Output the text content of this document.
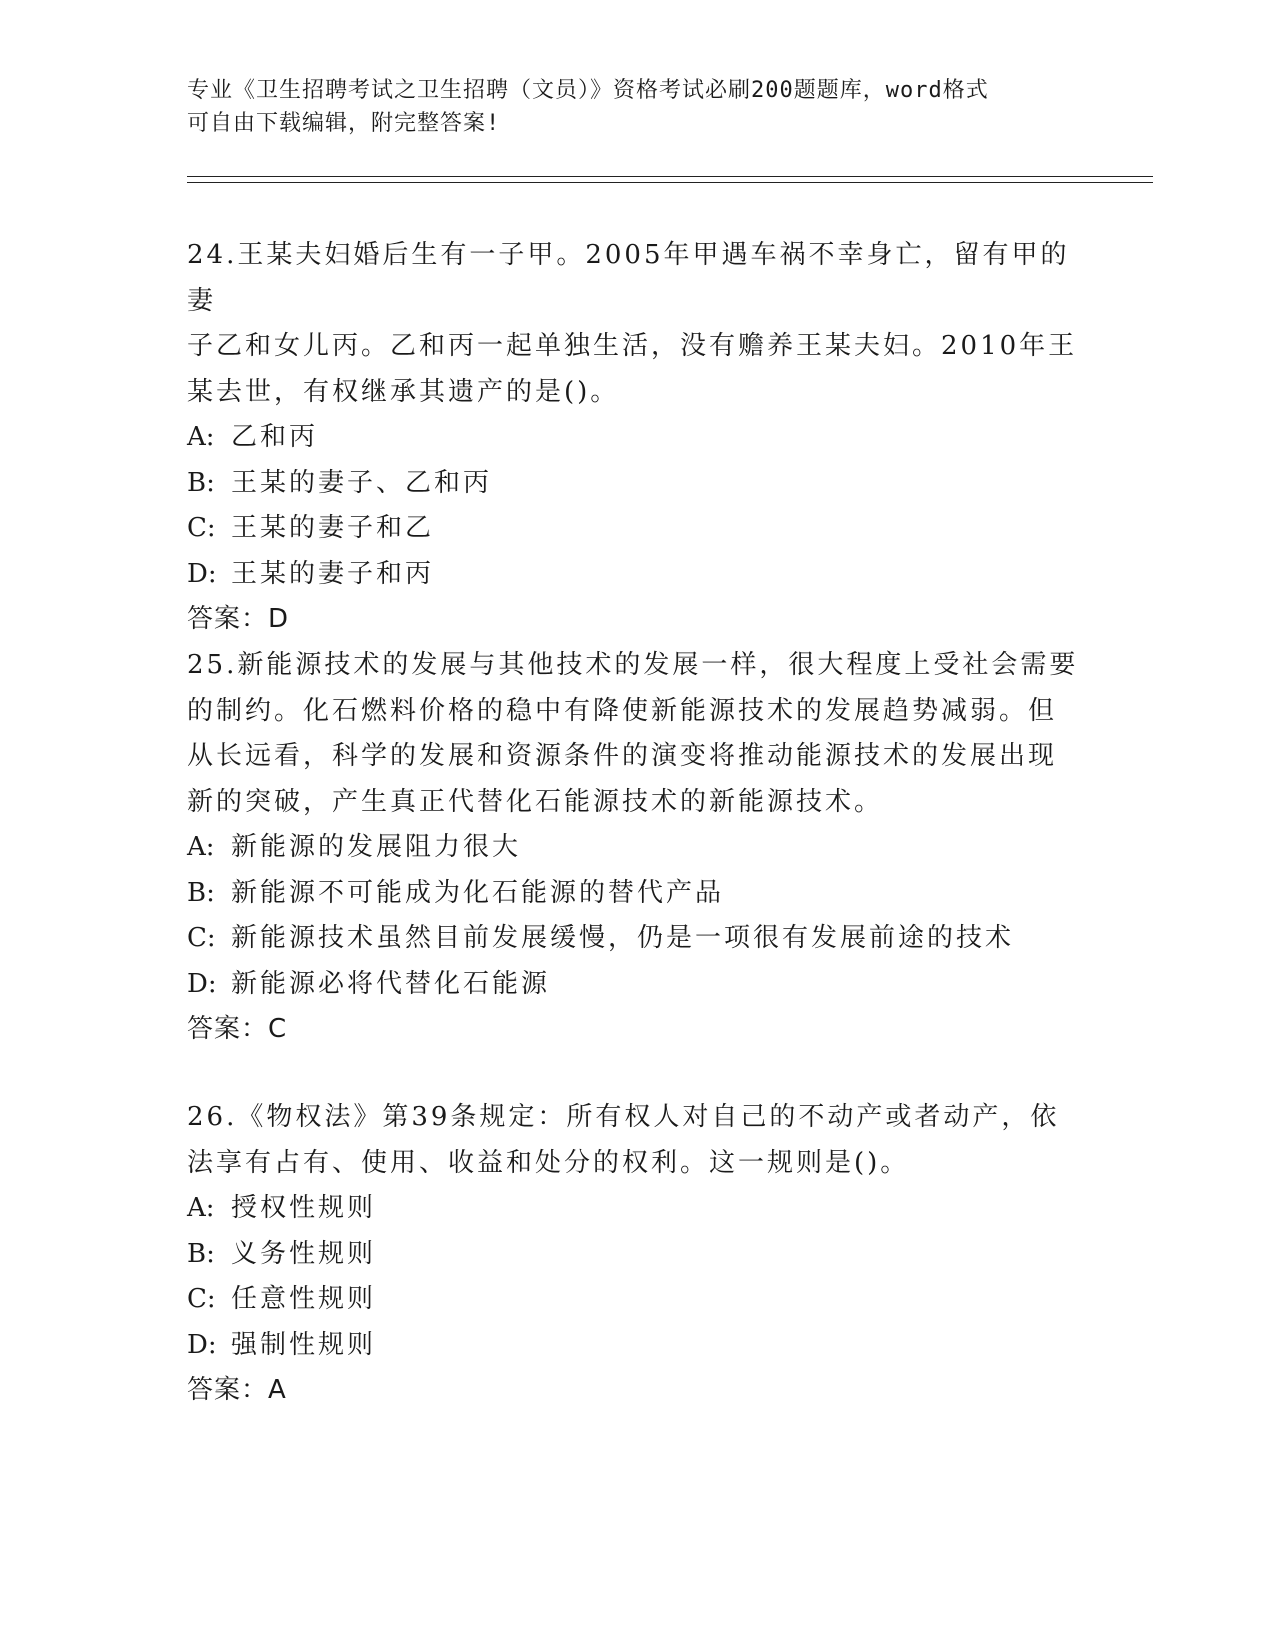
专业《卫生招聘考试之卫生招聘（文员）》资格考试必刷200题题库，word格式
可自由下载编辑，附完整答案!

24.王某夫妇婚后生有一子甲。2005年甲遇车祸不幸身亡，留有甲的妻

子乙和女儿丙。乙和丙一起单独生活，没有赡养王某夫妇。2010年王

某去世，有权继承其遗产的是()。

A: 乙和丙

B: 王某的妻子、乙和丙

C: 王某的妻子和乙

D: 王某的妻子和丙

答案：D

25.新能源技术的发展与其他技术的发展一样，很大程度上受社会需要

的制约。化石燃料价格的稳中有降使新能源技术的发展趋势减弱。但

从长远看，科学的发展和资源条件的演变将推动能源技术的发展出现

新的突破，产生真正代替化石能源技术的新能源技术。

A: 新能源的发展阻力很大

B: 新能源不可能成为化石能源的替代产品

C: 新能源技术虽然目前发展缓慢，仍是一项很有发展前途的技术

D: 新能源必将代替化石能源

答案：C

26.《物权法》第39条规定：所有权人对自己的不动产或者动产，依

法享有占有、使用、收益和处分的权利。这一规则是()。

A: 授权性规则

B: 义务性规则

C: 任意性规则

D: 强制性规则

答案：A
